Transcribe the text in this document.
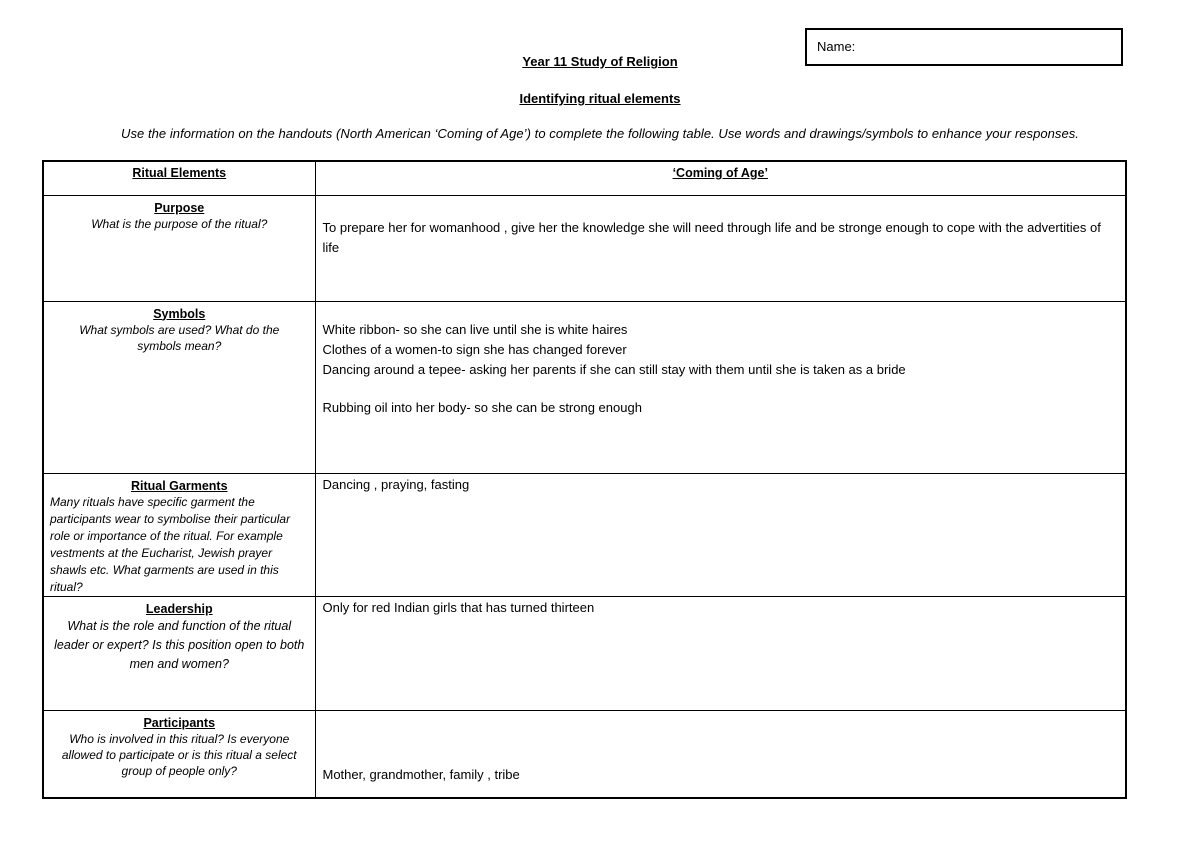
Name:
Year 11 Study of Religion
Identifying ritual elements
Use the information on the handouts (North American ‘Coming of Age’) to complete the following table. Use words and drawings/symbols to enhance your responses.
Ritual Elements	‘Coming of Age’

Purpose
What is the purpose of the ritual?	To prepare her for womanhood , give her the knowledge she will need through life and be stronge enough to cope with the advertities of life

Symbols
What symbols are used? What do the symbols mean?	White ribbon- so she can live until she is white haires
Clothes of a women-to sign she has changed forever
Dancing around a tepee- asking her parents if she can still stay with them until she is taken as a bride
Rubbing oil into her body- so she can be strong enough

Ritual Garments
Many rituals have specific garment the participants wear to symbolise their particular role or importance of the ritual. For example vestments at the Eucharist, Jewish prayer shawls etc. What garments are used in this ritual?	Dancing , praying, fasting

Leadership
What is the role and function of the ritual leader or expert? Is this position open to both men and women?	Only for red Indian girls that has turned thirteen

Participants
Who is involved in this ritual? Is everyone allowed to participate or is this ritual a select group of people only?	Mother, grandmother, family , tribe
